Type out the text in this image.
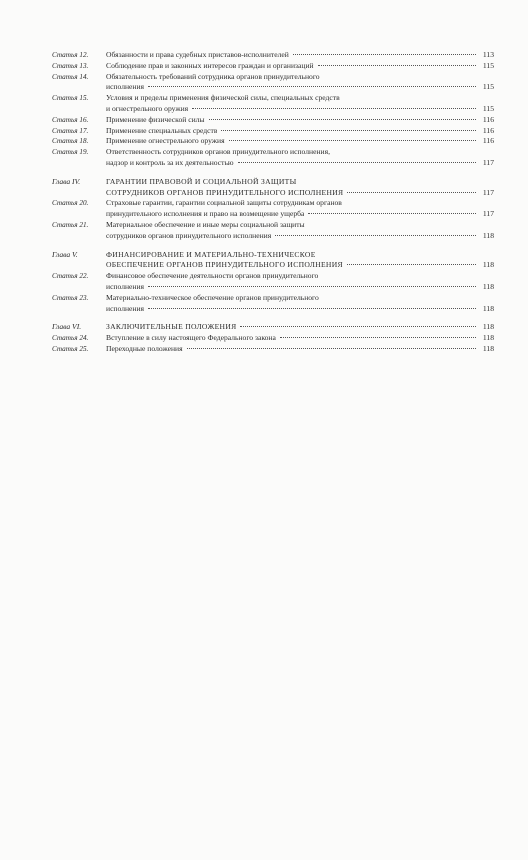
Статья 12. Обязанности и права судебных приставов-исполнителей	113
Статья 13. Соблюдение прав и законных интересов граждан и организаций	115
Статья 14. Обязательность требований сотрудника органов принудительного
исполнения	115
Статья 15. Условия и пределы применения физической силы, специальных средств
и огнестрельного оружия	115
Статья 16. Применение физической силы	116
Статья 17. Применение специальных средств	116
Статья 18. Применение огнестрельного оружия	116
Статья 19. Ответственность сотрудников органов принудительного исполнения,
надзор и контроль за их деятельностью	117
Глава IV.	ГАРАНТИИ ПРАВОВОЙ И СОЦИАЛЬНОЙ ЗАЩИТЫ
СОТРУДНИКОВ ОРГАНОВ ПРИНУДИТЕЛЬНОГО ИСПОЛНЕНИЯ	117
Статья 20. Страховые гарантии, гарантии социальной защиты сотрудникам органов
принудительного исполнения и право на возмещение ущерба	117
Статья 21. Материальное обеспечение и иные меры социальной защиты
сотрудников органов принудительного исполнения	118
Глава V.	ФИНАНСИРОВАНИЕ И МАТЕРИАЛЬНО-ТЕХНИЧЕСКОЕ
ОБЕСПЕЧЕНИЕ ОРГАНОВ ПРИНУДИТЕЛЬНОГО ИСПОЛНЕНИЯ	118
Статья 22. Финансовое обеспечение деятельности органов принудительного
исполнения	118
Статья 23. Материально-техническое обеспечение органов принудительного
исполнения	118
Глава VI.	ЗАКЛЮЧИТЕЛЬНЫЕ ПОЛОЖЕНИЯ	118
Статья 24. Вступление в силу настоящего Федерального закона	118
Статья 25. Переходные положения	118
